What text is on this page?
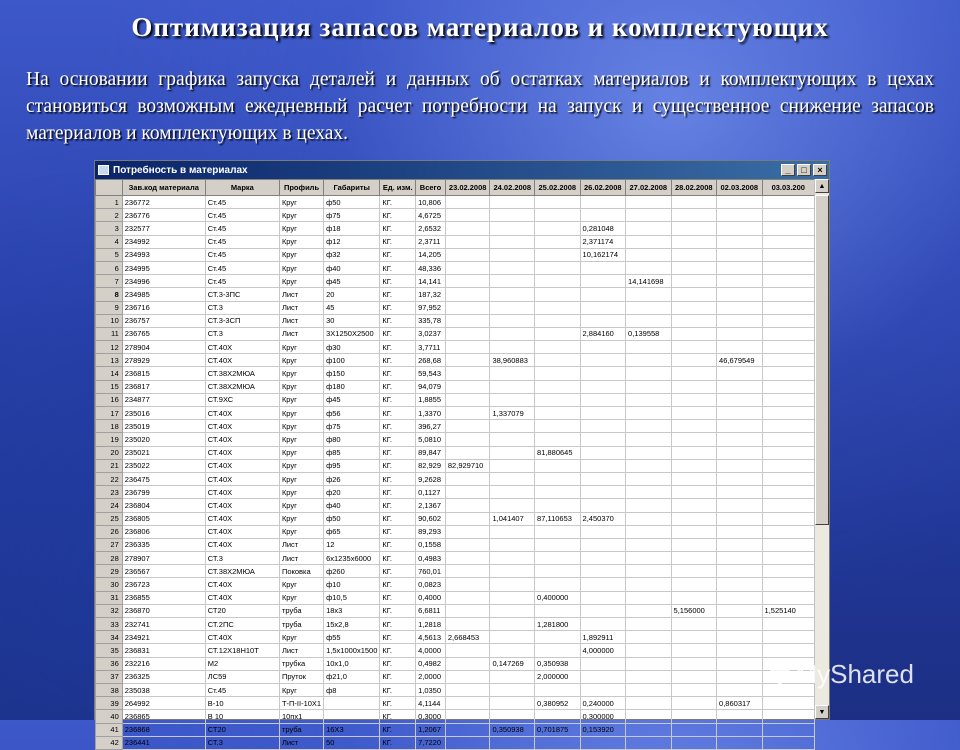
Оптимизация запасов материалов и комплектующих
На основании графика запуска деталей и данных об остатках материалов и комплектующих в цехах становиться возможным ежедневный расчет потребности на запуск и существенное снижение запасов материалов и комплектующих в цехах.
Потребность в материалах	_	□	×
	Зав.код материала	Марка	Профиль	Габариты	Ед. изм.	Всего	23.02.2008	24.02.2008	25.02.2008	26.02.2008	27.02.2008	28.02.2008	02.03.2008	03.03.200
1	236772	Ст.45	Круг	ф50	КГ.	10,806								
2	236776	Ст.45	Круг	ф75	КГ.	4,6725								
3	232577	Ст.45	Круг	ф18	КГ.	2,6532				0,281048				
4	234992	Ст.45	Круг	ф12	КГ.	2,3711				2,371174				
5	234993	Ст.45	Круг	ф32	КГ.	14,205				10,162174				
6	234995	Ст.45	Круг	ф40	КГ.	48,336								
7	234996	Ст.45	Круг	ф45	КГ.	14,141					14,141698			
8	234985	СТ.3-3ПС	Лист	20	КГ.	187,32								
9	236716	СТ.3	Лист	45	КГ.	97,952								
10	236757	СТ.3-3СП	Лист	30	КГ.	335,78								
11	236765	СТ.3	Лист	3X1250X2500	КГ.	3,0237				2,884160	0,139558			
12	278904	СТ.40Х	Круг	ф30	КГ.	3,7711								
13	278929	СТ.40Х	Круг	ф100	КГ.	268,68		38,960883					46,679549	
14	236815	СТ.38Х2МЮА	Круг	ф150	КГ.	59,543								
15	236817	СТ.38Х2МЮА	Круг	ф180	КГ.	94,079								
16	234877	СТ.9ХС	Круг	ф45	КГ.	1,8855								
17	235016	СТ.40Х	Круг	ф56	КГ.	1,3370		1,337079						
18	235019	СТ.40Х	Круг	ф75	КГ.	396,27								
19	235020	СТ.40Х	Круг	ф80	КГ.	5,0810								
20	235021	СТ.40Х	Круг	ф85	КГ.	89,847			81,880645					
21	235022	СТ.40Х	Круг	ф95	КГ.	82,929	82,929710							
22	236475	СТ.40Х	Круг	ф26	КГ.	9,2628								
23	236799	СТ.40Х	Круг	ф20	КГ.	0,1127								
24	236804	СТ.40Х	Круг	ф40	КГ.	2,1367								
25	236805	СТ.40Х	Круг	ф50	КГ.	90,602		1,041407	87,110653	2,450370				
26	236806	СТ.40Х	Круг	ф65	КГ.	89,293								
27	236335	СТ.40Х	Лист	12	КГ.	0,1558								
28	278907	СТ.3	Лист	6x1235x6000	КГ.	0,4983								
29	236567	СТ.38Х2МЮА	Поковка	ф260	КГ.	760,01								
30	236723	СТ.40Х	Круг	ф10	КГ.	0,0823								
31	236855	СТ.40Х	Круг	ф10,5	КГ.	0,4000			0,400000					
32	236870	СТ20	труба	18x3	КГ.	6,6811						5,156000		1,525140
33	232741	СТ.2ПС	труба	15x2,8	КГ.	1,2818			1,281800					
34	234921	СТ.40Х	Круг	ф55	КГ.	4,5613	2,668453			1,892911				
35	236831	СТ.12Х18Н10Т	Лист	1,5x1000x1500	КГ.	4,0000				4,000000				
36	232216	М2	трубка	10x1,0	КГ.	0,4982		0,147269	0,350938					
37	236325	ЛС59	Пруток	ф21,0	КГ.	2,0000			2,000000					
38	235038	Ст.45	Круг	ф8	КГ.	1,0350								
39	264992	В-10	Т-П-II-10Х1		КГ.	4,1144			0,380952	0,240000			0,860317	
40	236865	В 10	10пх1		КГ.	0,3000				0,300000				
41	236868	СТ20	труба	16X3	КГ.	1,2067		0,350938	0,701875	0,153920				
42	236441	СТ.3	Лист	50	КГ.	7,7220								
▲
▼
✱ MyShared
